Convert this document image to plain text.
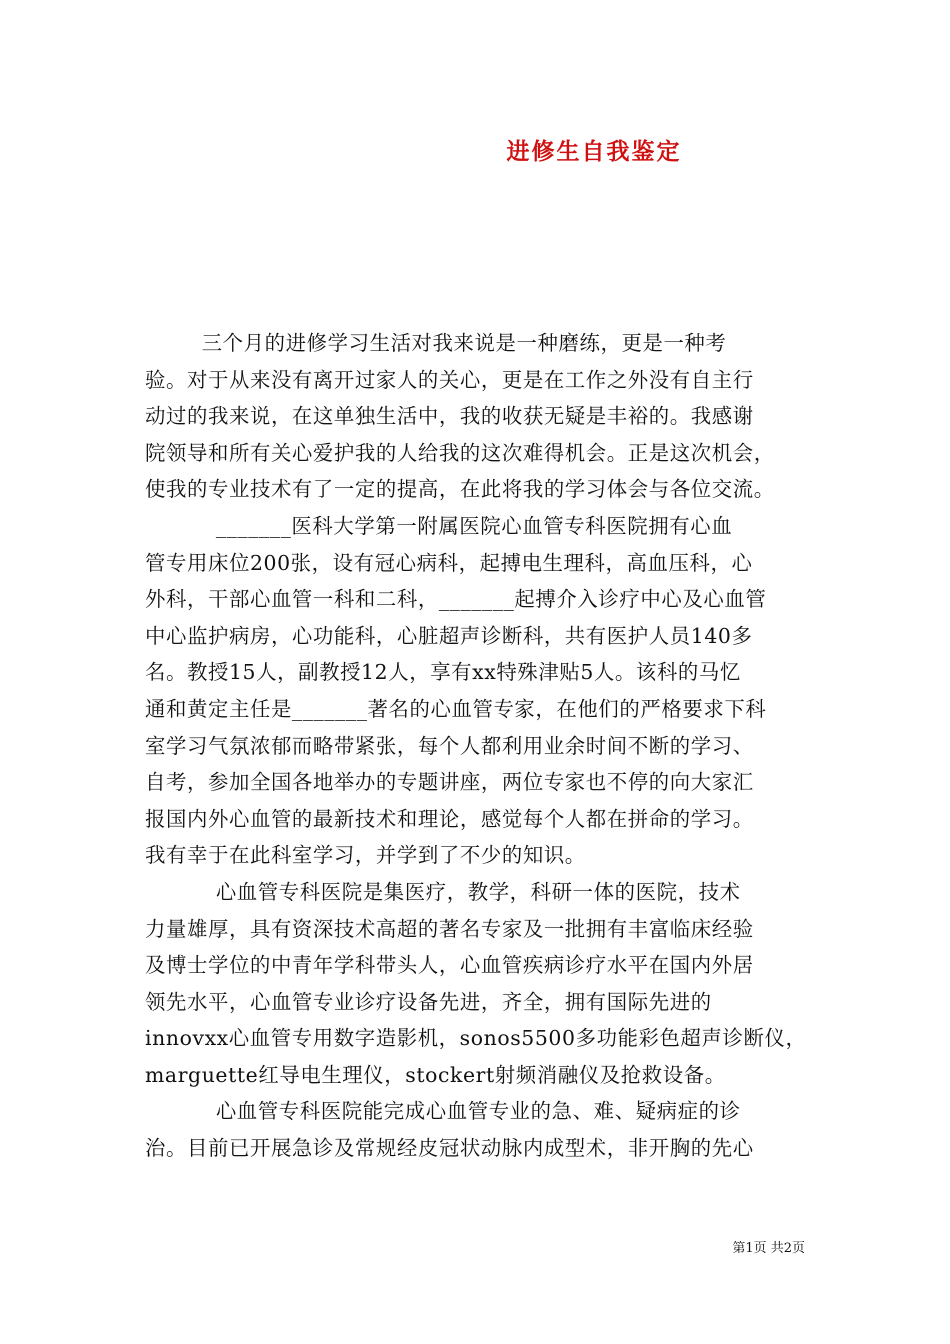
进修生自我鉴定
三个月的进修学习生活对我来说是一种磨练，更是一种考
验。对于从来没有离开过家人的关心，更是在工作之外没有自主行
动过的我来说，在这单独生活中，我的收获无疑是丰裕的。我感谢
院领导和所有关心爱护我的人给我的这次难得机会。正是这次机会，
使我的专业技术有了一定的提高，在此将我的学习体会与各位交流。
_______医科大学第一附属医院心血管专科医院拥有心血
管专用床位200张，设有冠心病科，起搏电生理科，高血压科，心
外科，干部心血管一科和二科，_______起搏介入诊疗中心及心血管
中心监护病房，心功能科，心脏超声诊断科，共有医护人员140多
名。教授15人，副教授12人，享有xx特殊津贴5人。该科的马忆
通和黄定主任是_______著名的心血管专家，在他们的严格要求下科
室学习气氛浓郁而略带紧张，每个人都利用业余时间不断的学习、
自考，参加全国各地举办的专题讲座，两位专家也不停的向大家汇
报国内外心血管的最新技术和理论，感觉每个人都在拼命的学习。
我有幸于在此科室学习，并学到了不少的知识。
心血管专科医院是集医疗，教学，科研一体的医院，技术
力量雄厚，具有资深技术高超的著名专家及一批拥有丰富临床经验
及博士学位的中青年学科带头人，心血管疾病诊疗水平在国内外居
领先水平，心血管专业诊疗设备先进，齐全，拥有国际先进的
innovxx心血管专用数字造影机，sonos5500多功能彩色超声诊断仪，
marguette红导电生理仪，stockert射频消融仪及抢救设备。
心血管专科医院能完成心血管专业的急、难、疑病症的诊
治。目前已开展急诊及常规经皮冠状动脉内成型术，非开胸的先心
第1页 共2页
